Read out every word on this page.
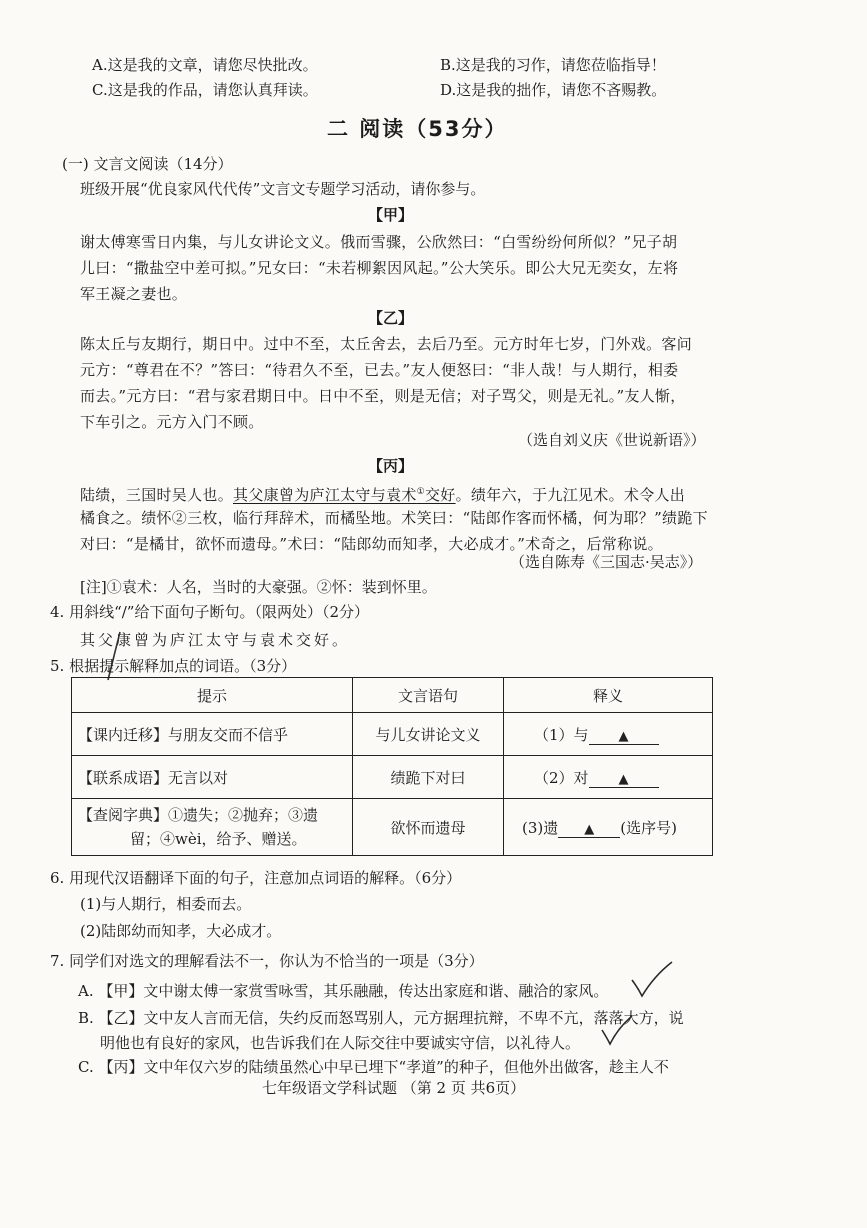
A.这是我的文章，请您尽快批改。	B.这是我的习作，请您莅临指导！
C.这是我的作品，请您认真拜读。	D.这是我的拙作，请您不吝赐教。
二 阅读（53分）
(一) 文言文阅读（14分）
班级开展“优良家风代代传”文言文专题学习活动，请你参与。
【甲】
谢太傅寒雪日内集，与儿女讲论文义。俄而雪骤，公欣然曰：“白雪纷纷何所似？”兄子胡
儿曰：“撒盐空中差可拟。”兄女曰：“未若柳絮因风起。”公大笑乐。即公大兄无奕女，左将
军王凝之妻也。
【乙】
陈太丘与友期行，期日中。过中不至，太丘舍去，去后乃至。元方时年七岁，门外戏。客问
元方：“尊君在不？”答曰：“待君久不至，已去。”友人便怒曰：“非人哉！与人期行，相委
而去。”元方曰：“君与家君期日中。日中不至，则是无信；对子骂父，则是无礼。”友人惭，
下车引之。元方入门不顾。
（选自刘义庆《世说新语》）
【丙】
陆绩，三国时吴人也。其父康曾为庐江太守与袁术①交好。绩年六，于九江见术。术令人出
橘食之。绩怀②三枚，临行拜辞术，而橘坠地。术笑曰：“陆郎作客而怀橘，何为耶？”绩跪下
对曰：“是橘甘，欲怀而遗母。”术曰：“陆郎幼而知孝，大必成才。”术奇之，后常称说。
（选自陈寿《三国志·吴志》）
[注]①袁术：人名，当时的大豪强。②怀：装到怀里。
4. 用斜线“/”给下面句子断句。（限两处）（2分）
其父康曾为庐江太守与袁术交好。
5. 根据提示解释加点的词语。（3分）
提示	文言语句	释义
【课内迁移】与朋友交而不信乎	与儿女讲论文义	（1）与 ▲
【联系成语】无言以对	绩跪下对曰	（2）对 ▲

【查阅字典】①遗失；②抛弃；③遗
留；④wèi，给予、赠送。	欲怀而遗母	(3)遗 ▲ (选序号)
6. 用现代汉语翻译下面的句子，注意加点词语的解释。（6分）
(1)与人期行，相委而去。
(2)陆郎幼而知孝，大必成才。
7. 同学们对选文的理解看法不一，你认为不恰当的一项是（3分）
A. 【甲】文中谢太傅一家赏雪咏雪，其乐融融，传达出家庭和谐、融洽的家风。
B. 【乙】文中友人言而无信，失约反而怒骂别人，元方据理抗辩，不卑不亢，落落大方，说
明他也有良好的家风，也告诉我们在人际交往中要诚实守信，以礼待人。
C. 【丙】文中年仅六岁的陆绩虽然心中早已埋下“孝道”的种子，但他外出做客，趁主人不
七年级语文学科试题 （第 2 页 共6页）
